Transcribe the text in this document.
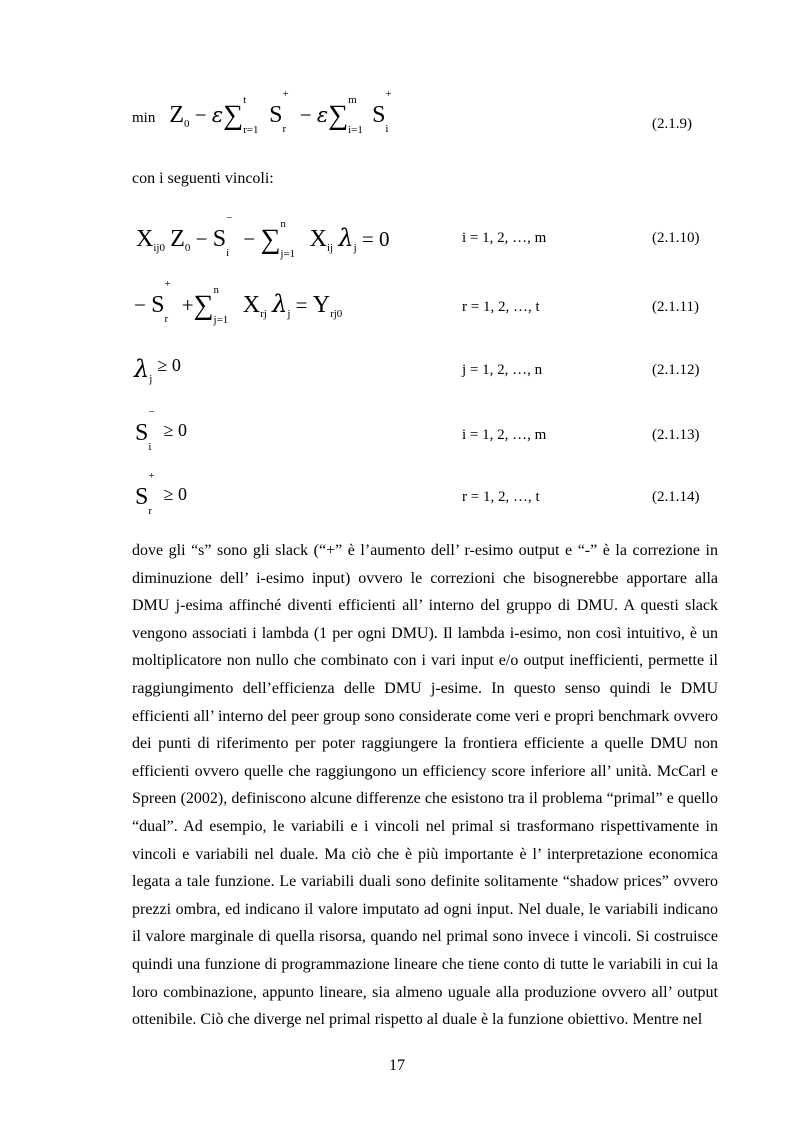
$\min Z_0 - \varepsilon\sum$ t
r=1
S
+
r
− ε∑ m
i=1
S
+
i	(2.1.9)
con i seguenti vincoli:
$X_{ij0}$ $Z_0 - S$
−
i
− ∑ n
j=1
$X_{ij}$ $\lambda_j = 0$	i = 1, 2, …, m	(2.1.10)
− S
+
r
+∑ n
j=1
$X_{rj}$ $\lambda_j = Y_{rj0}$	r = 1, 2, …, t	(2.1.11)
$\lambda_j \ge 0$	j = 1, 2, …, n	(2.1.12)
S
−
i
≥ 0	i = 1, 2, …, m	(2.1.13)
S
+
r
≥ 0	r = 1, 2, …, t	(2.1.14)

dove gli “s” sono gli slack (“+” è l’aumento dell’ r-esimo output e “-” è la correzione in diminuzione dell’ i-esimo input) ovvero le correzioni che bisognerebbe apportare alla DMU j-esima affinché diventi efficienti all’ interno del gruppo di DMU. A questi slack vengono associati i lambda (1 per ogni DMU). Il lambda i-esimo, non così intuitivo, è un moltiplicatore non nullo che combinato con i vari input e/o output inefficienti, permette il raggiungimento dell’efficienza delle DMU j-esime. In questo senso quindi le DMU efficienti all’ interno del peer group sono considerate come veri e propri benchmark ovvero dei punti di riferimento per poter raggiungere la frontiera efficiente a quelle DMU non efficienti ovvero quelle che raggiungono un efficiency score inferiore all’ unità. McCarl e Spreen (2002), definiscono alcune differenze che esistono tra il problema “primal” e quello “dual”. Ad esempio, le variabili e i vincoli nel primal si trasformano rispettivamente in vincoli e variabili nel duale. Ma ciò che è più importante è l’ interpretazione economica legata a tale funzione. Le variabili duali sono definite solitamente “shadow prices” ovvero prezzi ombra, ed indicano il valore imputato ad ogni input. Nel duale, le variabili indicano il valore marginale di quella risorsa, quando nel primal sono invece i vincoli. Si costruisce quindi una funzione di programmazione lineare che tiene conto di tutte le variabili in cui la loro combinazione, appunto lineare, sia almeno uguale alla produzione ovvero all’ output ottenibile. Ciò che diverge nel primal rispetto al duale è la funzione obiettivo. Mentre nel

17
